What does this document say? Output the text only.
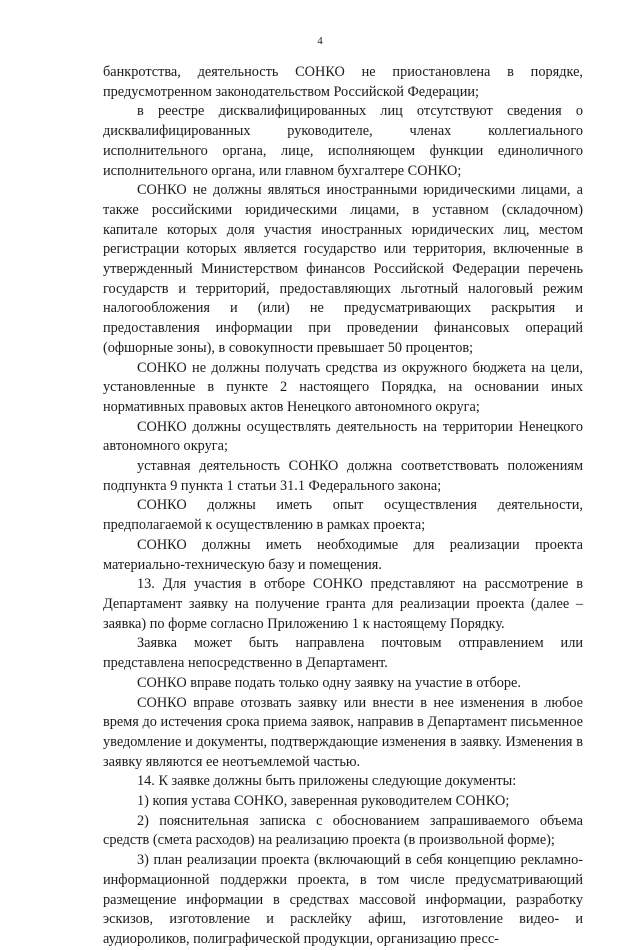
4

банкротства, деятельность СОНКО не приостановлена в порядке, предусмотренном законодательством Российской Федерации;

в реестре дисквалифицированных лиц отсутствуют сведения о дисквалифицированных руководителе, членах коллегиального исполнительного органа, лице, исполняющем функции единоличного исполнительного органа, или главном бухгалтере СОНКО;

СОНКО не должны являться иностранными юридическими лицами, а также российскими юридическими лицами, в уставном (складочном) капитале которых доля участия иностранных юридических лиц, местом регистрации которых является государство или территория, включенные в утвержденный Министерством финансов Российской Федерации перечень государств и территорий, предоставляющих льготный налоговый режим налогообложения и (или) не предусматривающих раскрытия и предоставления информации при проведении финансовых операций (офшорные зоны), в совокупности превышает 50 процентов;

СОНКО не должны получать средства из окружного бюджета на цели, установленные в пункте 2 настоящего Порядка, на основании иных нормативных правовых актов Ненецкого автономного округа;

СОНКО должны осуществлять деятельность на территории Ненецкого автономного округа;

уставная деятельность СОНКО должна соответствовать положениям подпункта 9 пункта 1 статьи 31.1 Федерального закона;

СОНКО должны иметь опыт осуществления деятельности, предполагаемой к осуществлению в рамках проекта;

СОНКО должны иметь необходимые для реализации проекта материально-техническую базу и помещения.

13. Для участия в отборе СОНКО представляют на рассмотрение в Департамент заявку на получение гранта для реализации проекта (далее – заявка) по форме согласно Приложению 1 к настоящему Порядку.

Заявка может быть направлена почтовым отправлением или представлена непосредственно в Департамент.

СОНКО вправе подать только одну заявку на участие в отборе.

СОНКО вправе отозвать заявку или внести в нее изменения в любое время до истечения срока приема заявок, направив в Департамент письменное уведомление и документы, подтверждающие изменения в заявку. Изменения в заявку являются ее неотъемлемой частью.

14. К заявке должны быть приложены следующие документы:

1) копия устава СОНКО, заверенная руководителем СОНКО;

2) пояснительная записка с обоснованием запрашиваемого объема средств (смета расходов) на реализацию проекта (в произвольной форме);

3) план реализации проекта (включающий в себя концепцию рекламно-информационной поддержки проекта, в том числе предусматривающий размещение информации в средствах массовой информации, разработку эскизов, изготовление и расклейку афиш, изготовление видео- и аудиороликов, полиграфической продукции, организацию пресс-
